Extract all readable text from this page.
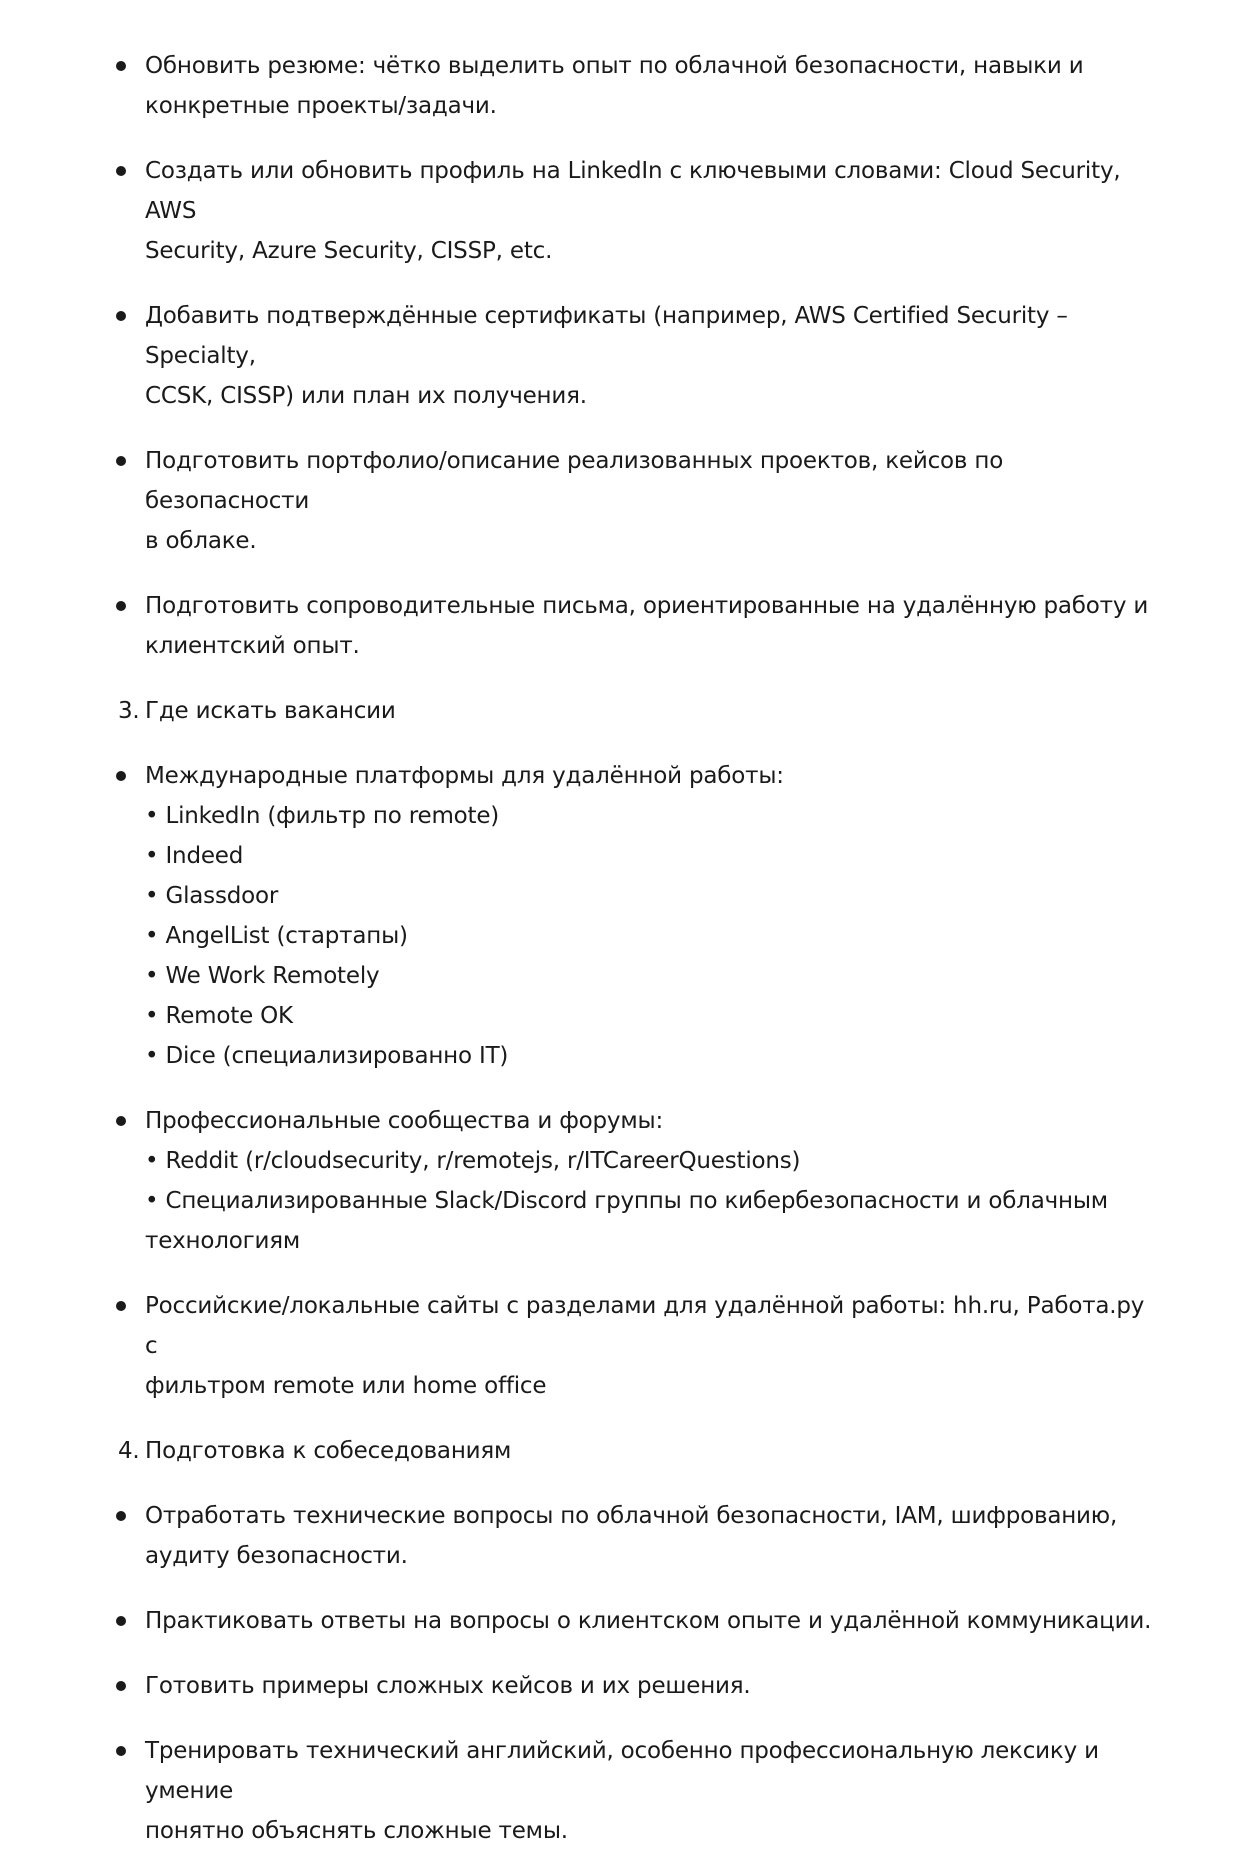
Обновить резюме: чётко выделить опыт по облачной безопасности, навыки и
конкретные проекты/задачи.
Создать или обновить профиль на LinkedIn с ключевыми словами: Cloud Security, AWS
Security, Azure Security, CISSP, etc.
Добавить подтверждённые сертификаты (например, AWS Certified Security – Specialty,
CCSK, CISSP) или план их получения.
Подготовить портфолио/описание реализованных проектов, кейсов по безопасности
в облаке.
Подготовить сопроводительные письма, ориентированные на удалённую работу и
клиентский опыт.
3. Где искать вакансии
Международные платформы для удалённой работы:
• LinkedIn (фильтр по remote)
• Indeed
• Glassdoor
• AngelList (стартапы)
• We Work Remotely
• Remote OK
• Dice (специализированно IT)
Профессиональные сообщества и форумы:
• Reddit (r/cloudsecurity, r/remotejs, r/ITCareerQuestions)
• Специализированные Slack/Discord группы по кибербезопасности и облачным
технологиям
Российские/локальные сайты с разделами для удалённой работы: hh.ru, Работа.ру с
фильтром remote или home office
4. Подготовка к собеседованиям
Отработать технические вопросы по облачной безопасности, IAM, шифрованию,
аудиту безопасности.
Практиковать ответы на вопросы о клиентском опыте и удалённой коммуникации.
Готовить примеры сложных кейсов и их решения.
Тренировать технический английский, особенно профессиональную лексику и умение
понятно объяснять сложные темы.
